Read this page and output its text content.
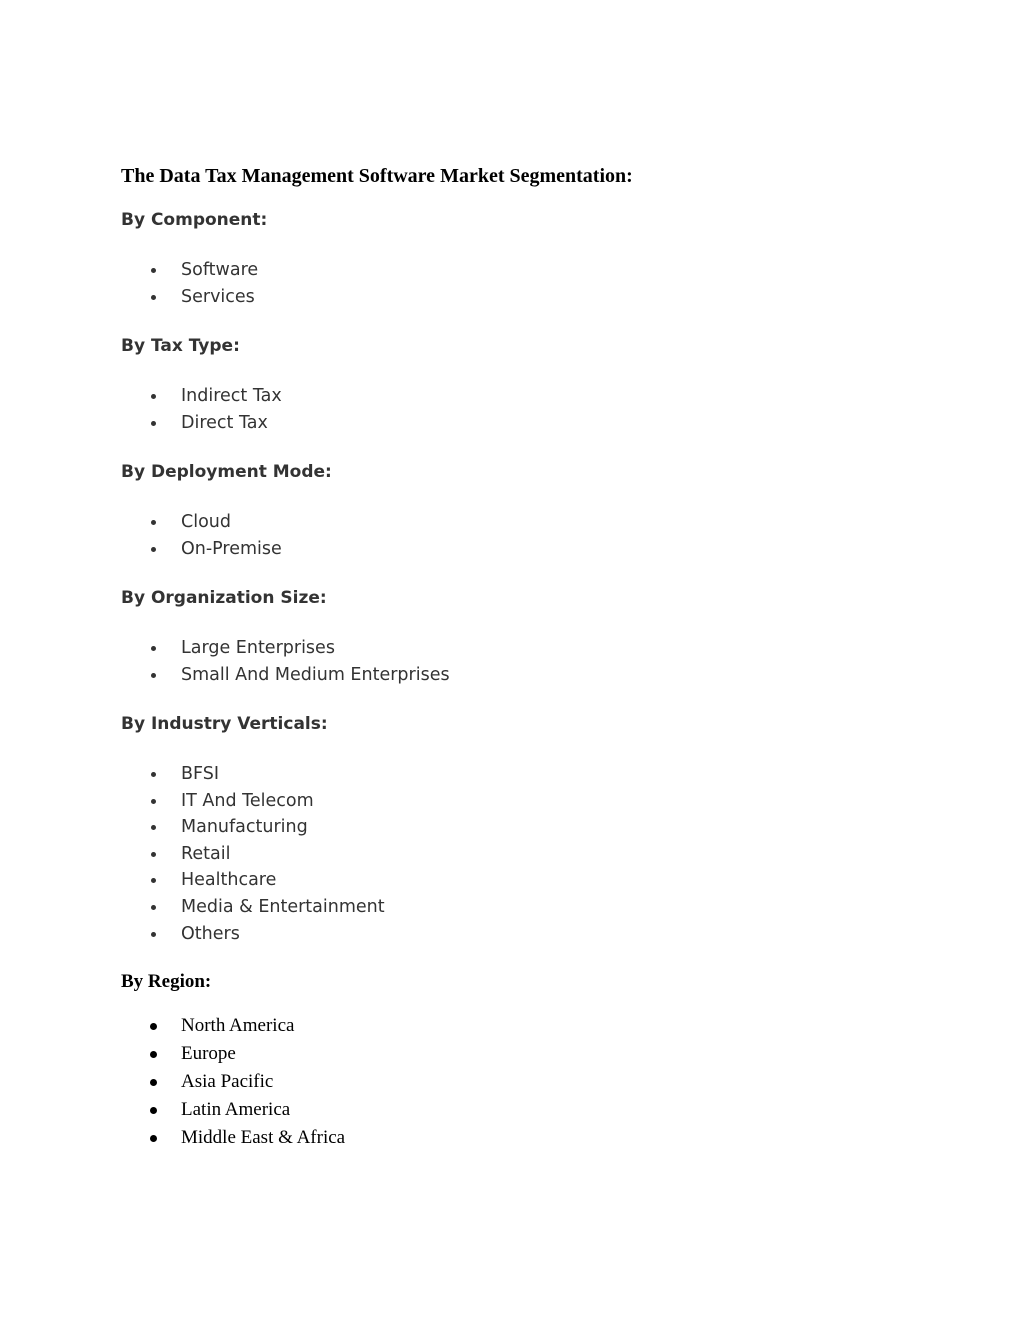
The Data Tax Management Software Market Segmentation:
By Component:
Software
Services
By Tax Type:
Indirect Tax
Direct Tax
By Deployment Mode:
Cloud
On-Premise
By Organization Size:
Large Enterprises
Small And Medium Enterprises
By Industry Verticals:
BFSI
IT And Telecom
Manufacturing
Retail
Healthcare
Media & Entertainment
Others
By Region:
North America
Europe
Asia Pacific
Latin America
Middle East & Africa
